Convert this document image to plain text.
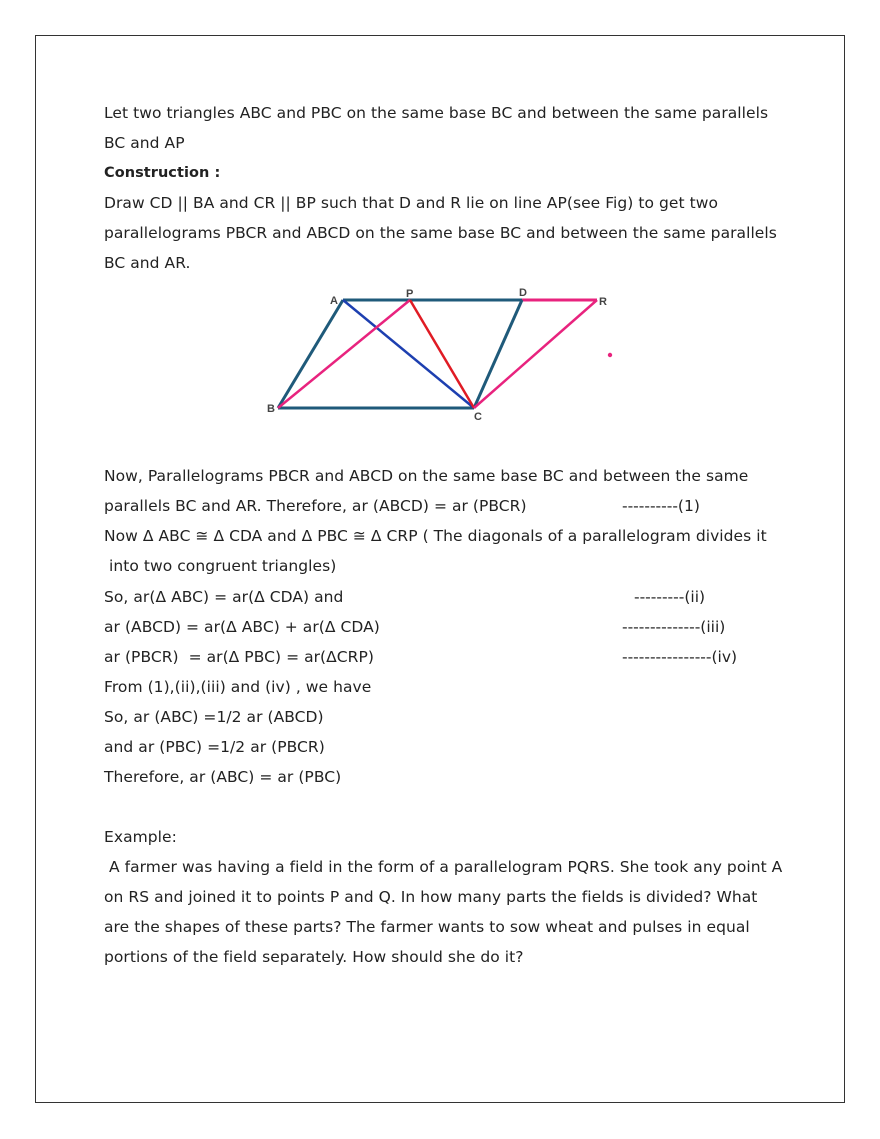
Let two triangles ABC and PBC on the same base BC and between the same parallels
BC and AP
Construction :
Draw CD || BA and CR || BP such that D and R lie on line AP(see Fig) to get two
parallelograms PBCR and ABCD on the same base BC and between the same parallels
BC and AR.
A
P	D
R
B
C
Now, Parallelograms PBCR and ABCD on the same base BC and between the same
parallels BC and AR. Therefore, ar (ABCD) = ar (PBCR)	----------(1)
Now Δ ABC ≅ Δ CDA and Δ PBC ≅ Δ CRP ( The diagonals of a parallelogram divides it
into two congruent triangles)
So, ar(Δ ABC) = ar(Δ CDA) and	---------(ii)
ar (ABCD) = ar(Δ ABC) + ar(Δ CDA)	--------------(iii)
ar (PBCR)  = ar(Δ PBC) = ar(ΔCRP)	----------------(iv)
From (1),(ii),(iii) and (iv) , we have
So, ar (ABC) =1/2 ar (ABCD)
and ar (PBC) =1/2 ar (PBCR)
Therefore, ar (ABC) = ar (PBC)
Example:
A farmer was having a field in the form of a parallelogram PQRS. She took any point A
on RS and joined it to points P and Q. In how many parts the fields is divided? What
are the shapes of these parts? The farmer wants to sow wheat and pulses in equal
portions of the field separately. How should she do it?
